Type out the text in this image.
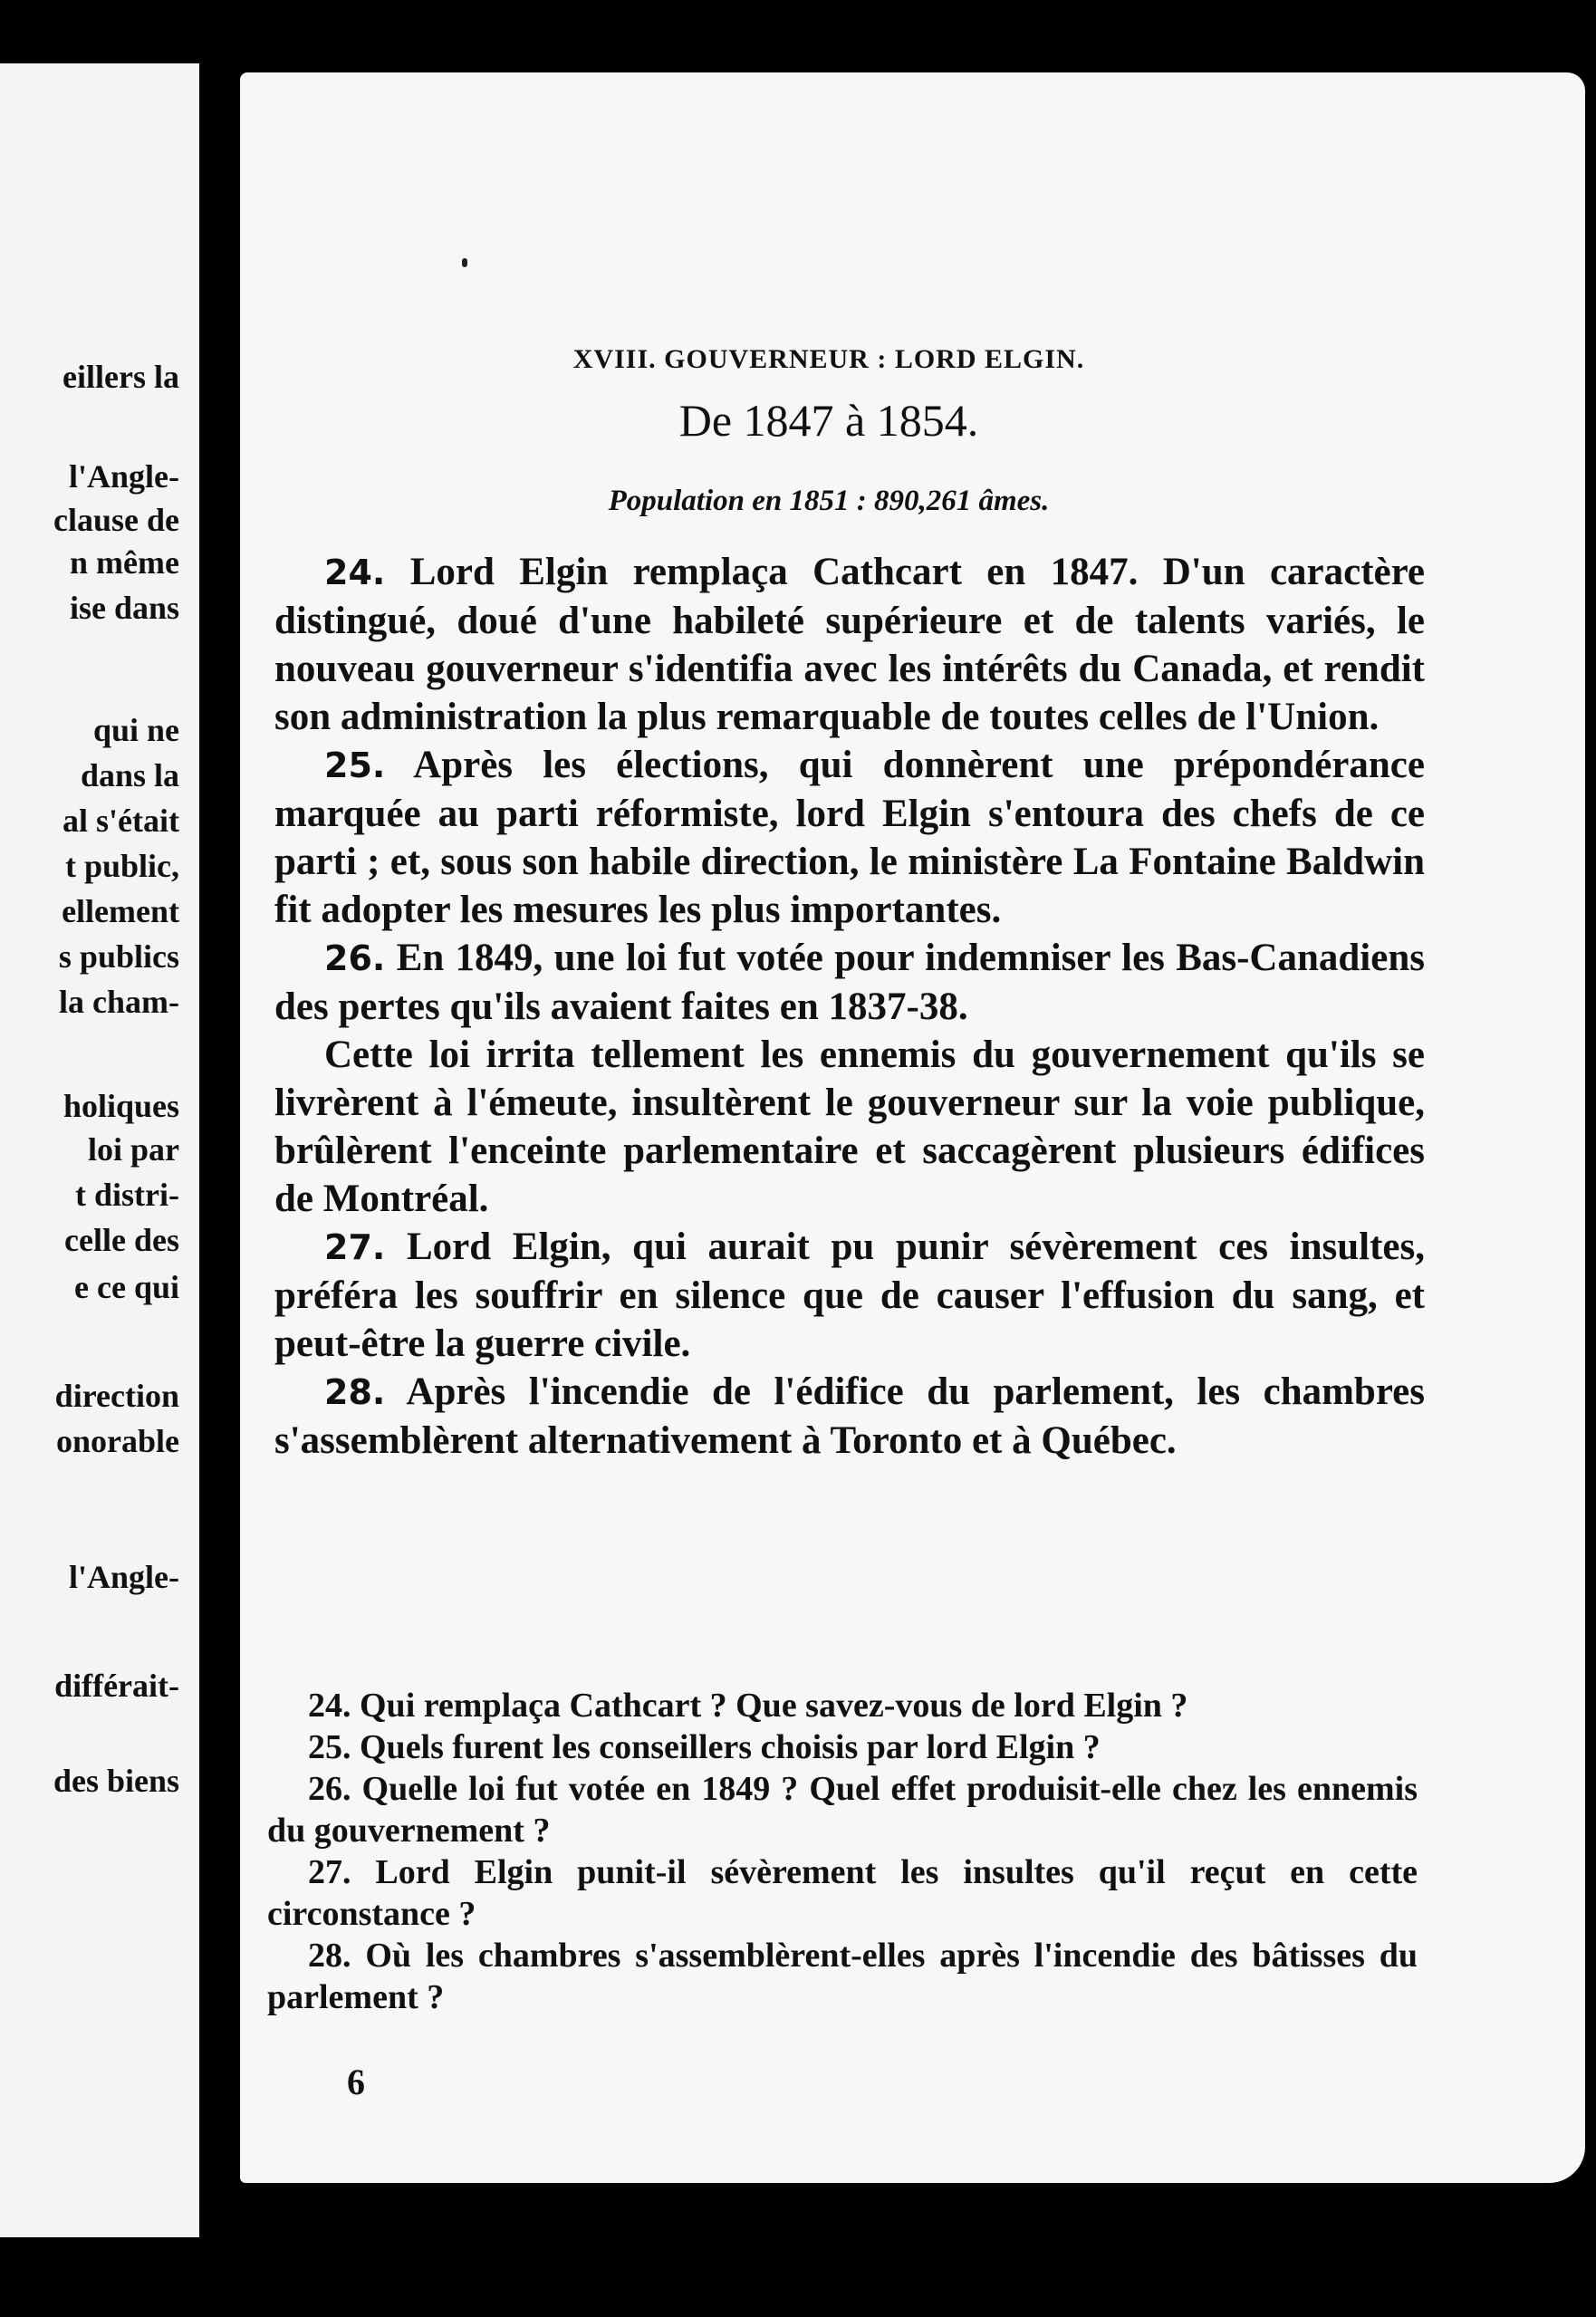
eillers la
l'Angle-
clause de
n même
ise dans
qui ne
dans la
al s'était
t public,
ellement
s publics
la cham-
holiques
loi par
t distri-
celle des
e ce qui
direction
onorable
l'Angle-
différait-
des biens
XVIII. GOUVERNEUR : LORD ELGIN.
De 1847 à 1854.
Population en 1851 : 890,261 âmes.

24. Lord Elgin remplaça Cathcart en 1847. D'un caractère distingué, doué d'une habileté supérieure et de talents variés, le nouveau gouverneur s'identifia avec les intérêts du Canada, et rendit son administration la plus remarquable de toutes celles de l'Union.

25. Après les élections, qui donnèrent une prépondérance marquée au parti réformiste, lord Elgin s'entoura des chefs de ce parti ; et, sous son habile direction, le ministère La Fontaine Baldwin fit adopter les mesures les plus importantes.

26. En 1849, une loi fut votée pour indemniser les Bas-Canadiens des pertes qu'ils avaient faites en 1837-38.

Cette loi irrita tellement les ennemis du gouvernement qu'ils se livrèrent à l'émeute, insultèrent le gouverneur sur la voie publique, brûlèrent l'enceinte parlementaire et saccagèrent plusieurs édifices de Montréal.

27. Lord Elgin, qui aurait pu punir sévèrement ces insultes, préféra les souffrir en silence que de causer l'effusion du sang, et peut-être la guerre civile.

28. Après l'incendie de l'édifice du parlement, les chambres s'assemblèrent alternativement à Toronto et à Québec.

24. Qui remplaça Cathcart ? Que savez-vous de lord Elgin ?

25. Quels furent les conseillers choisis par lord Elgin ?

26. Quelle loi fut votée en 1849 ? Quel effet produisit-elle chez les ennemis du gouvernement ?

27. Lord Elgin punit-il sévèrement les insultes qu'il reçut en cette circonstance ?

28. Où les chambres s'assemblèrent-elles après l'incendie des bâtisses du parlement ?

6
